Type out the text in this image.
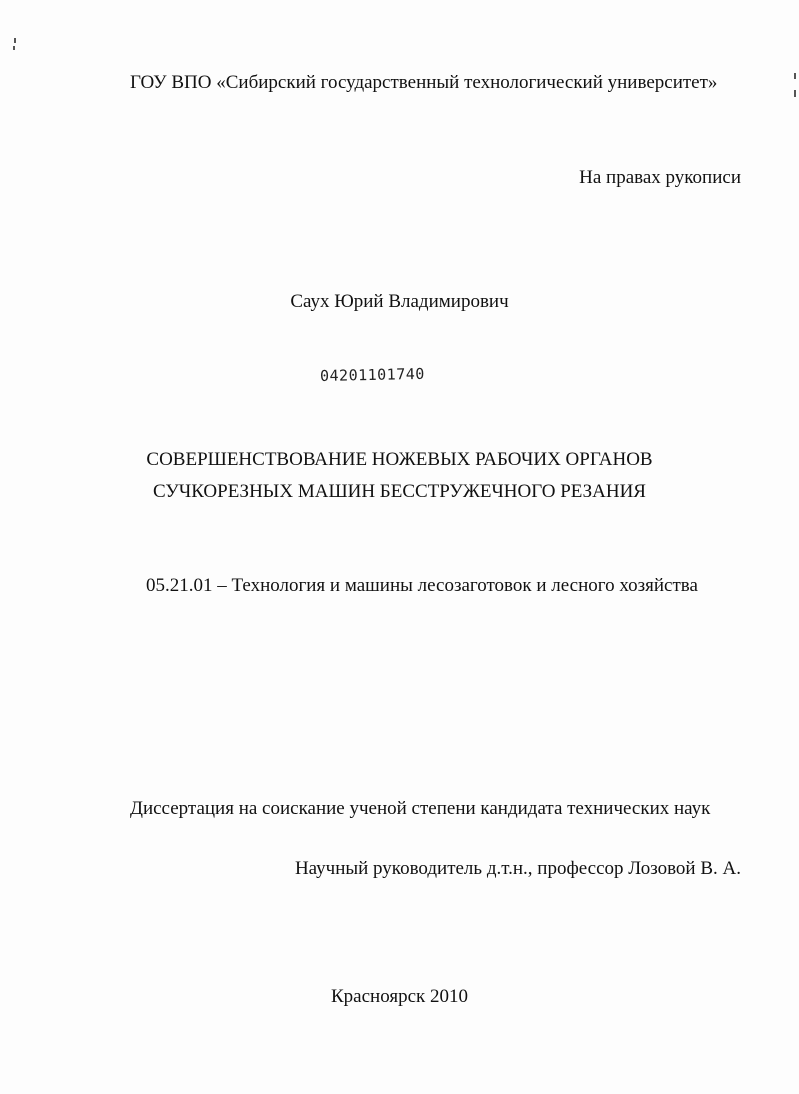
ГОУ ВПО «Сибирский государственный технологический университет»
На правах рукописи
Саух Юрий Владимирович
04201101740
СОВЕРШЕНСТВОВАНИЕ НОЖЕВЫХ РАБОЧИХ ОРГАНОВ
СУЧКОРЕЗНЫХ МАШИН БЕССТРУЖЕЧНОГО РЕЗАНИЯ
05.21.01 – Технология и машины лесозаготовок и лесного хозяйства
Диссертация на соискание ученой степени кандидата технических наук
Научный руководитель д.т.н., профессор Лозовой В. А.
Красноярск 2010
